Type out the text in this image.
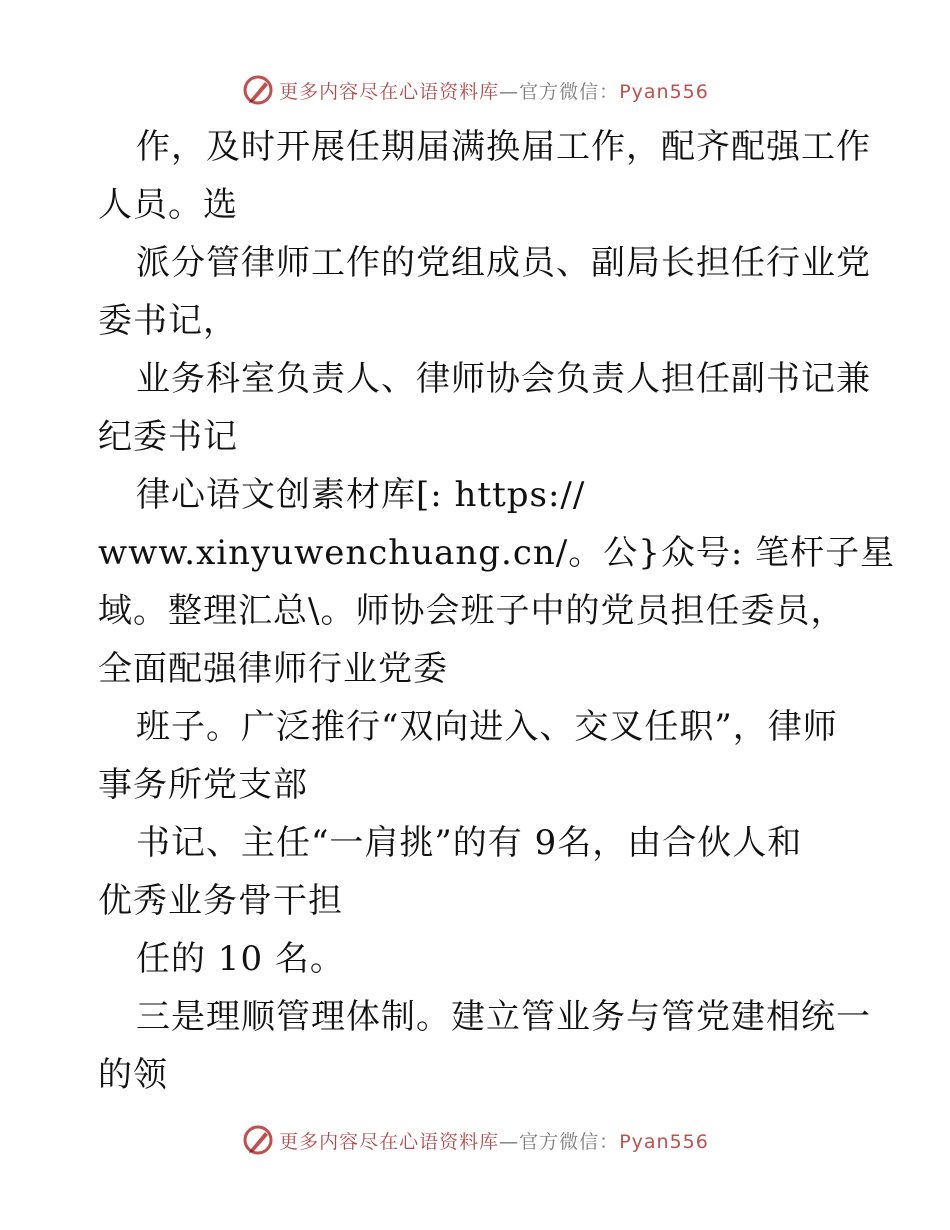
更多内容尽在心语资料库—官方微信：Pyan556
作，及时开展任期届满换届工作，配齐配强工作
人员。选
派分管律师工作的党组成员、副局长担任行业党
委书记，
业务科室负责人、律师协会负责人担任副书记兼
纪委书记
律心语文创素材库[: https://
www.xinyuwenchuang.cn/。公}众号: 笔杆子星
域。整理汇总\。师协会班子中的党员担任委员，
全面配强律师行业党委
班子。广泛推行“双向进入、交叉任职”，律师
事务所党支部
书记、主任“一肩挑”的有 9名，由合伙人和
优秀业务骨干担
任的 10 名。
三是理顺管理体制。建立管业务与管党建相统一
的领
更多内容尽在心语资料库—官方微信：Pyan556
